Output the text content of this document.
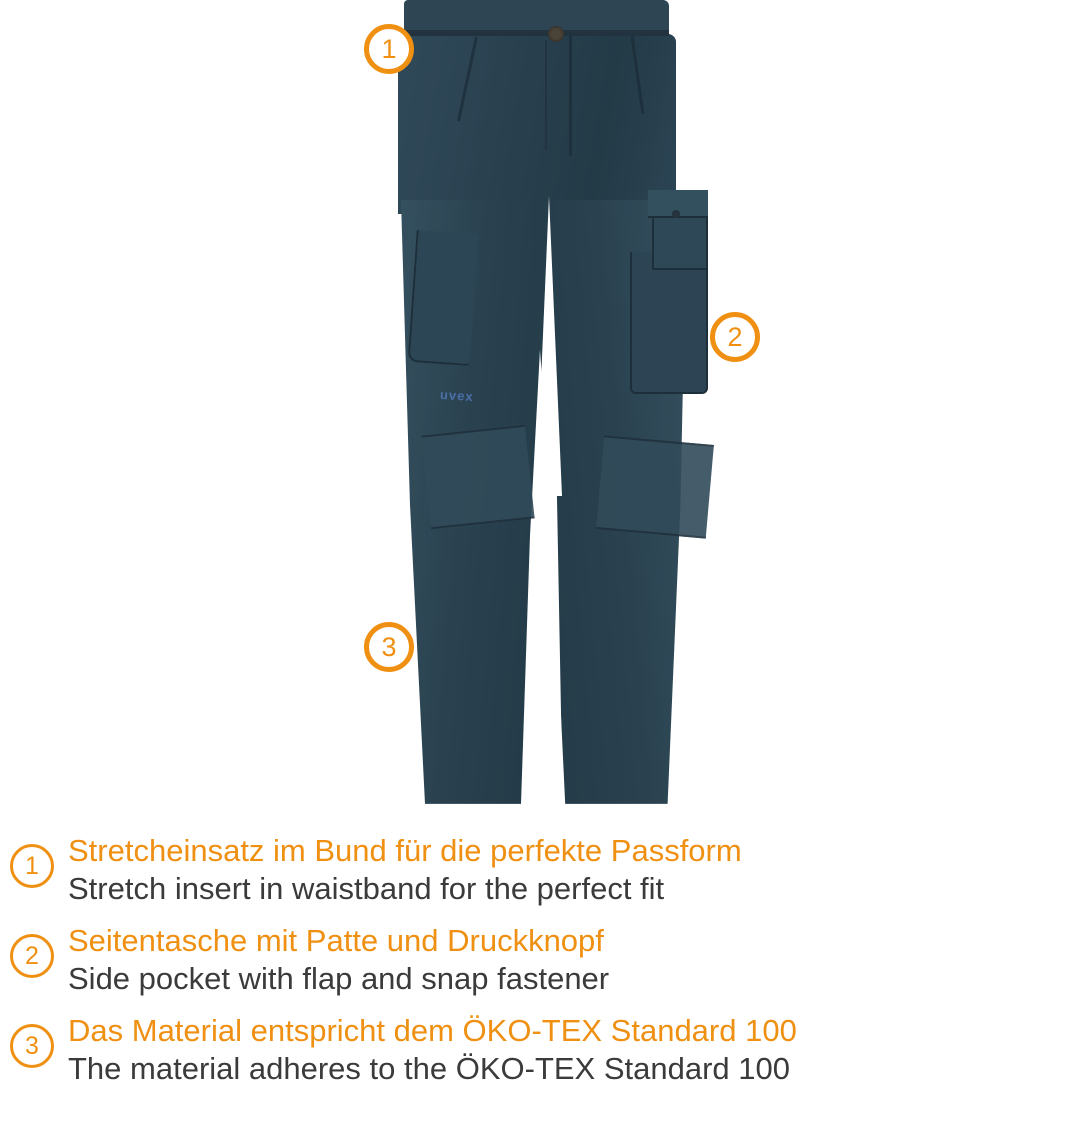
uvex
1
2
3
1 Stretcheinsatz im Bund für die perfekte Passform
Stretch insert in waistband for the perfect fit
2 Seitentasche mit Patte und Druckknopf
Side pocket with flap and snap fastener
3 Das Material entspricht dem ÖKO-TEX Standard 100
The material adheres to the ÖKO-TEX Standard 100
